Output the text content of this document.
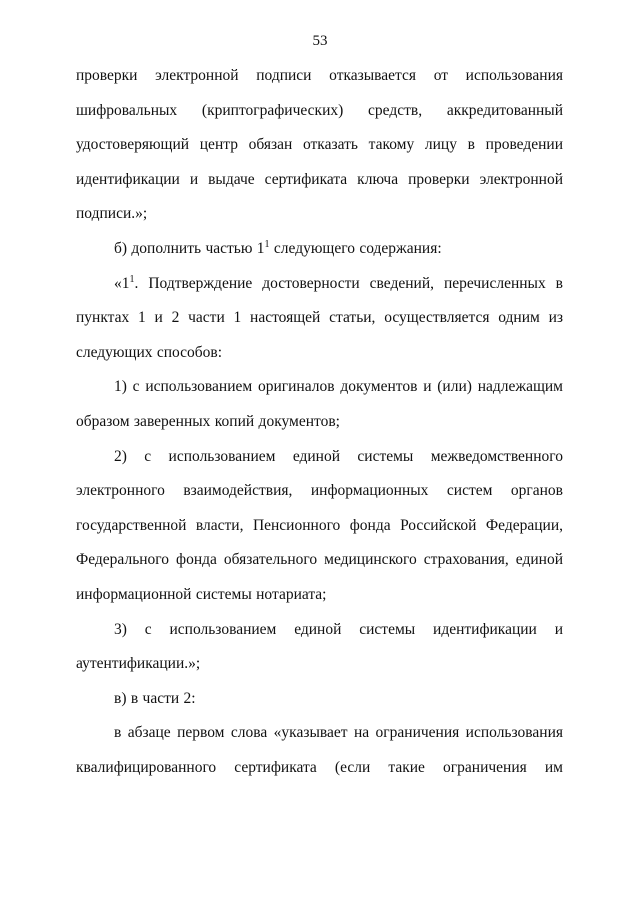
53

проверки электронной подписи отказывается от использования шифровальных (криптографических) средств, аккредитованный удостоверяющий центр обязан отказать такому лицу в проведении идентификации и выдаче сертификата ключа проверки электронной подписи.»;

б) дополнить частью $1^1$ следующего содержания:

«$1^1$. Подтверждение достоверности сведений, перечисленных в пунктах 1 и 2 части 1 настоящей статьи, осуществляется одним из следующих способов:

1) с использованием оригиналов документов и (или) надлежащим образом заверенных копий документов;

2) с использованием единой системы межведомственного электронного взаимодействия, информационных систем органов государственной власти, Пенсионного фонда Российской Федерации, Федерального фонда обязательного медицинского страхования, единой информационной системы нотариата;

3) с использованием единой системы идентификации и аутентификации.»;

в) в части 2:

в абзаце первом слова «указывает на ограничения использования квалифицированного сертификата (если такие ограничения им
